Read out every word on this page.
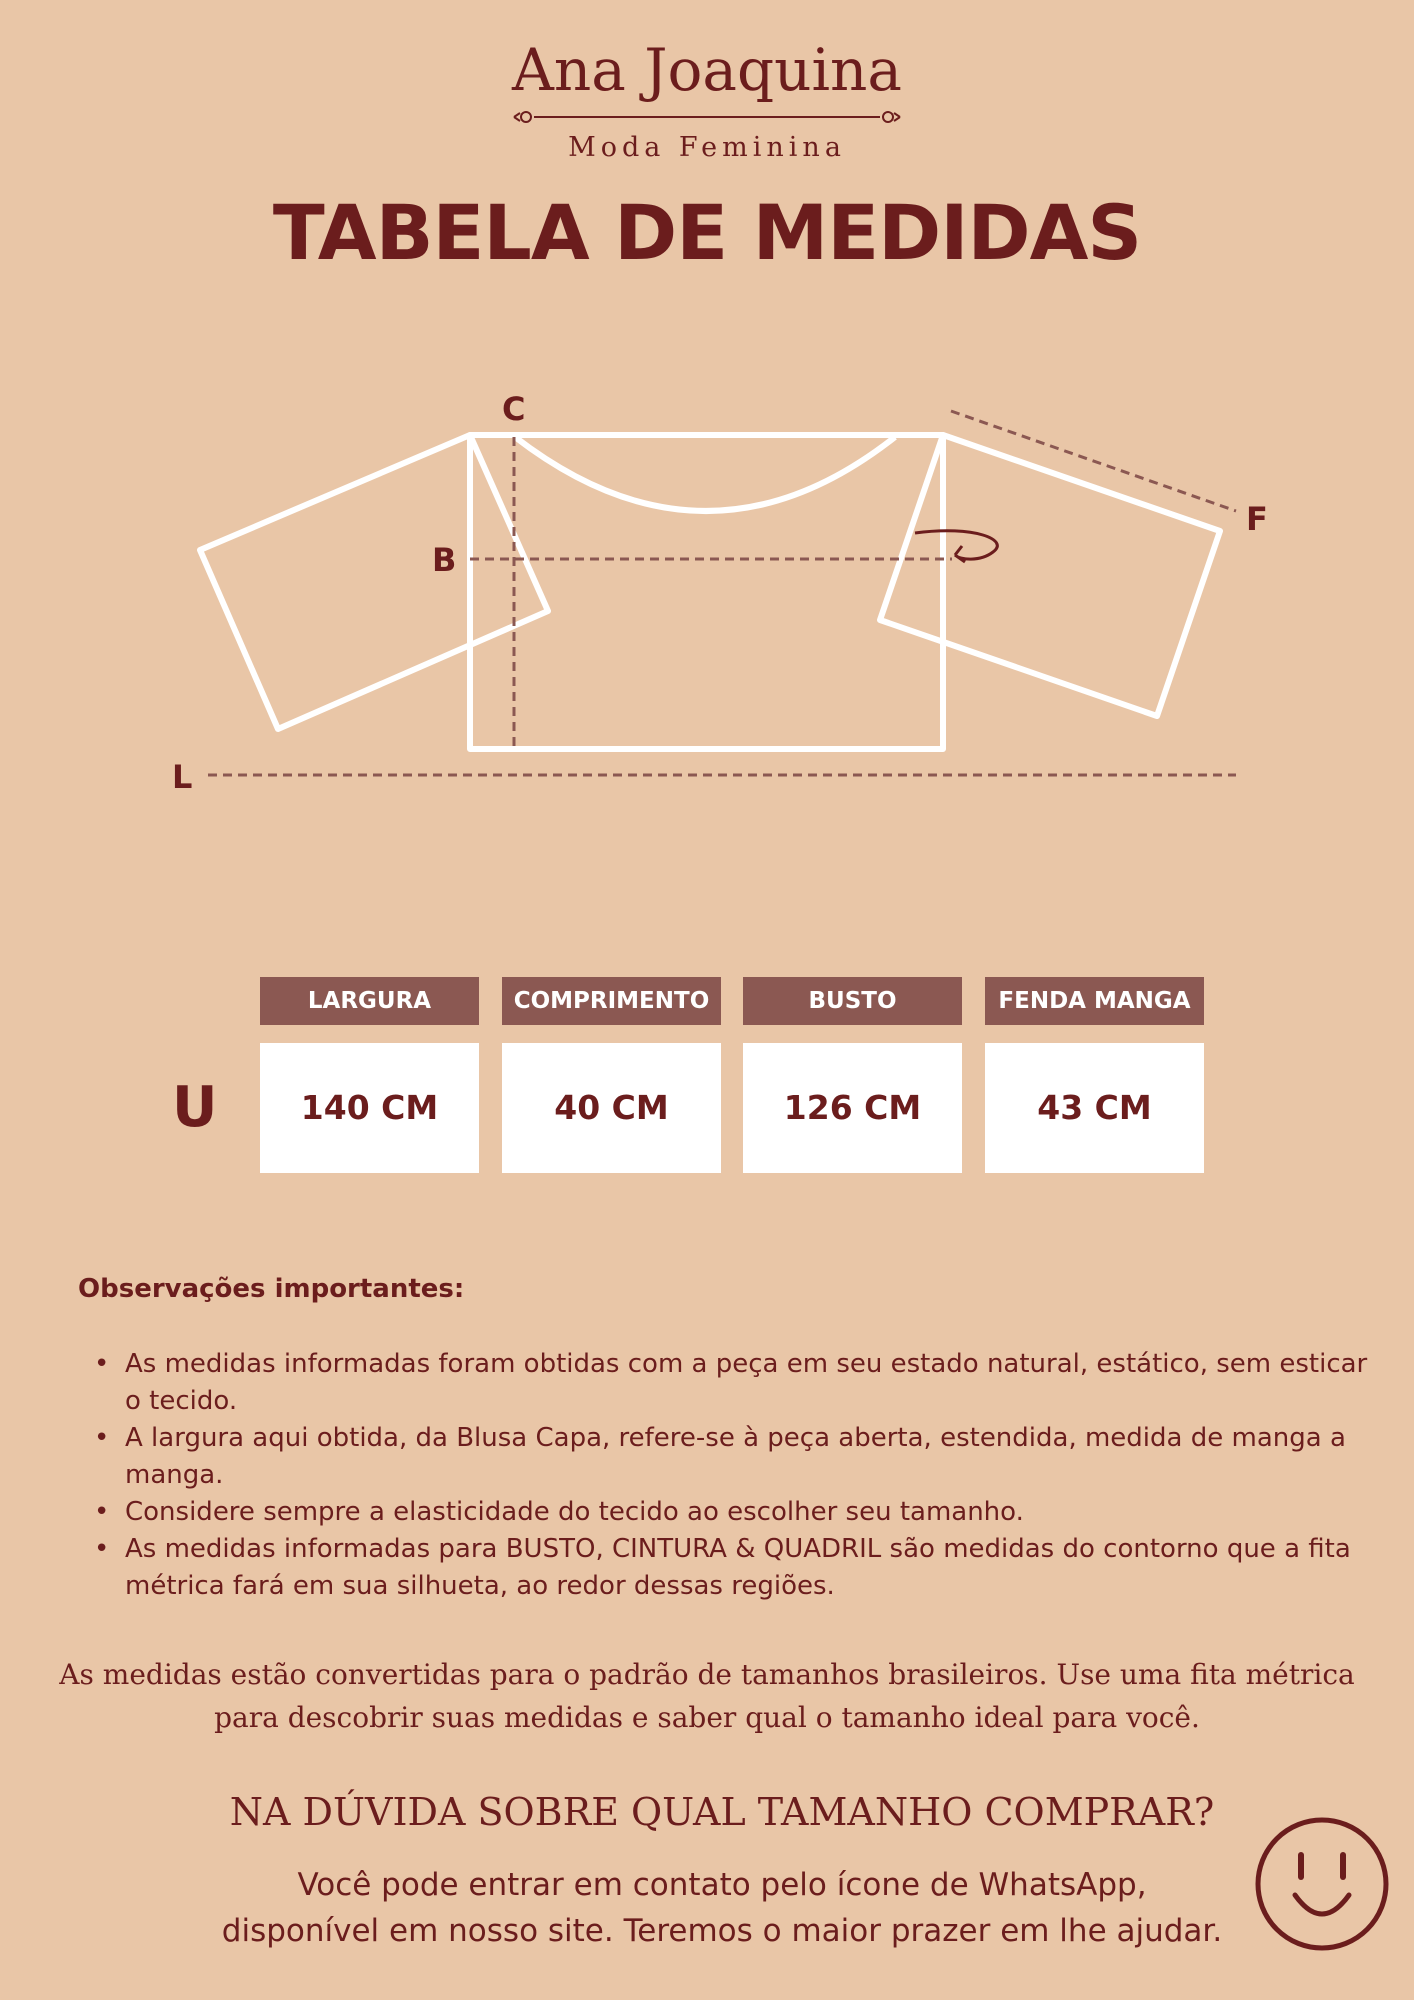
Ana Joaquina
Moda Feminina
TABELA DE MEDIDAS
C
B
F
L
LARGURA	COMPRIMENTO	BUSTO	FENDA MANGA
U	140 CM	40 CM	126 CM	43 CM
Observações importantes:
• As medidas informadas foram obtidas com a peça em seu estado natural, estático, sem esticar o tecido.
• A largura aqui obtida, da Blusa Capa, refere-se à peça aberta, estendida, medida de manga a manga.
• Considere sempre a elasticidade do tecido ao escolher seu tamanho.
• As medidas informadas para BUSTO, CINTURA & QUADRIL são medidas do contorno que a fita métrica fará em sua silhueta, ao redor dessas regiões.
As medidas estão convertidas para o padrão de tamanhos brasileiros. Use uma fita métrica para descobrir suas medidas e saber qual o tamanho ideal para você.
NA DÚVIDA SOBRE QUAL TAMANHO COMPRAR?
Você pode entrar em contato pelo ícone de WhatsApp,
disponível em nosso site. Teremos o maior prazer em lhe ajudar.
